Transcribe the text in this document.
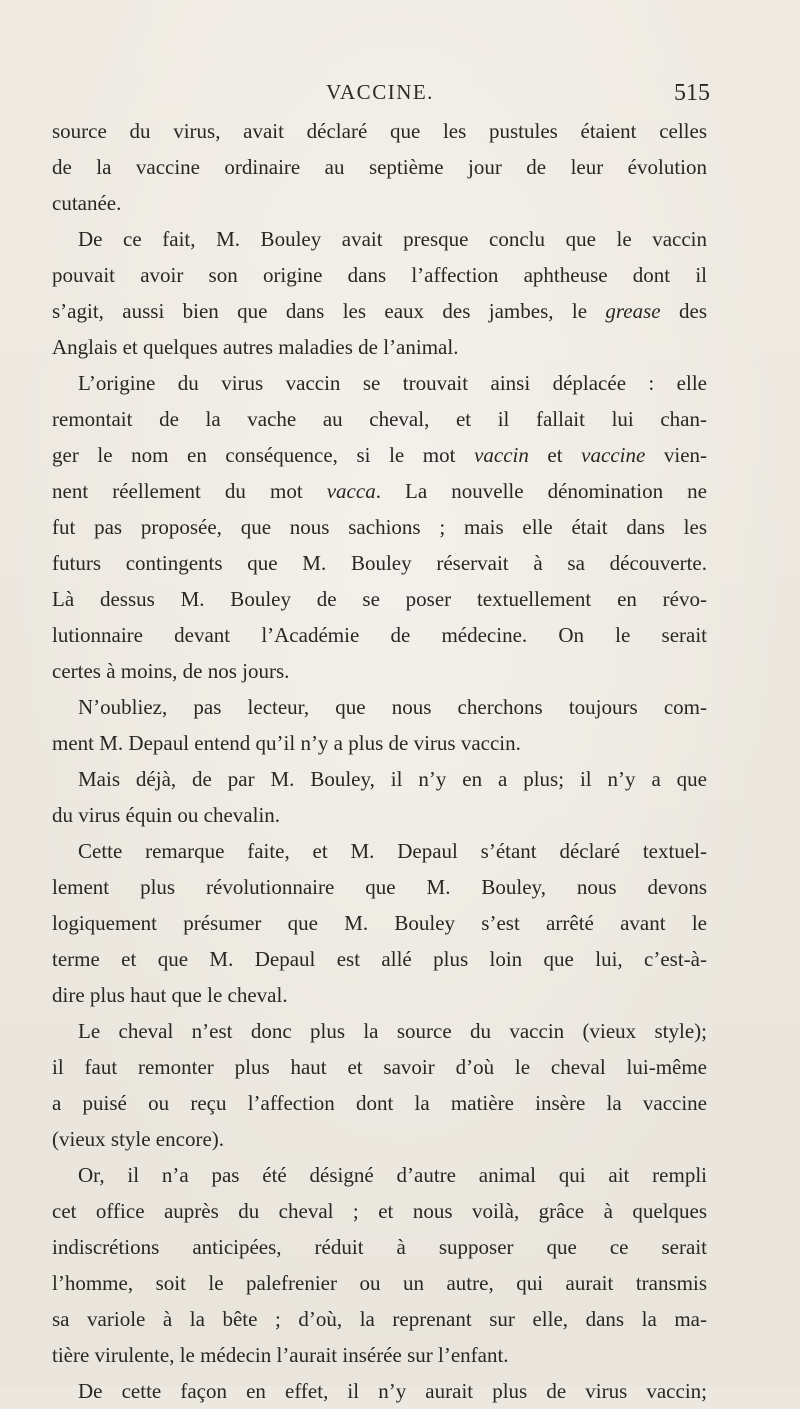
VACCINE.	515
source du virus, avait déclaré que les pustules étaient celles
de la vaccine ordinaire au septième jour de leur évolution
cutanée.
De ce fait, M. Bouley avait presque conclu que le vaccin
pouvait avoir son origine dans l’affection aphtheuse dont il
s’agit, aussi bien que dans les eaux des jambes, le grease des
Anglais et quelques autres maladies de l’animal.
L’origine du virus vaccin se trouvait ainsi déplacée : elle
remontait de la vache au cheval, et il fallait lui chan-
ger le nom en conséquence, si le mot vaccin et vaccine vien-
nent réellement du mot vacca. La nouvelle dénomination ne
fut pas proposée, que nous sachions ; mais elle était dans les
futurs contingents que M. Bouley réservait à sa découverte.
Là dessus M. Bouley de se poser textuellement en révo-
lutionnaire devant l’Académie de médecine. On le serait
certes à moins, de nos jours.
N’oubliez, pas lecteur, que nous cherchons toujours com-
ment M. Depaul entend qu’il n’y a plus de virus vaccin.
Mais déjà, de par M. Bouley, il n’y en a plus; il n’y a que
du virus équin ou chevalin.
Cette remarque faite, et M. Depaul s’étant déclaré textuel-
lement plus révolutionnaire que M. Bouley, nous devons
logiquement présumer que M. Bouley s’est arrêté avant le
terme et que M. Depaul est allé plus loin que lui, c’est-à-
dire plus haut que le cheval.
Le cheval n’est donc plus la source du vaccin (vieux style);
il faut remonter plus haut et savoir d’où le cheval lui-même
a puisé ou reçu l’affection dont la matière insère la vaccine
(vieux style encore).
Or, il n’a pas été désigné d’autre animal qui ait rempli
cet office auprès du cheval ; et nous voilà, grâce à quelques
indiscrétions anticipées, réduit à supposer que ce serait
l’homme, soit le palefrenier ou un autre, qui aurait transmis
sa variole à la bête ; d’où, la reprenant sur elle, dans la ma-
tière virulente, le médecin l’aurait insérée sur l’enfant.
De cette façon en effet, il n’y aurait plus de virus vaccin;
